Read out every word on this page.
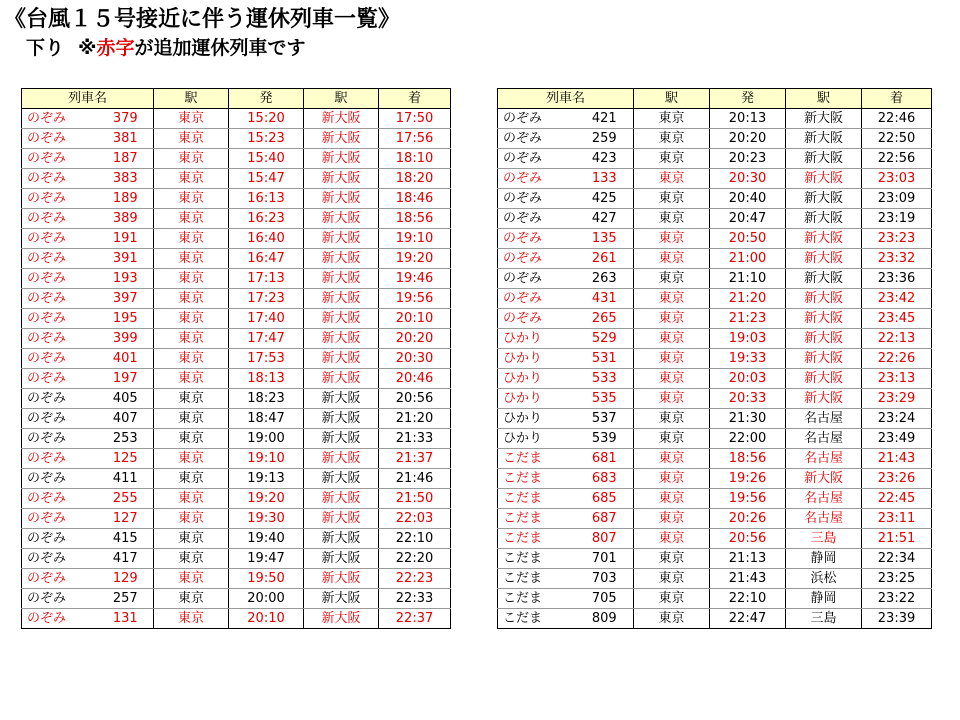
《台風１５号接近に伴う運休列車一覧》
下り ※赤字が追加運休列車です
列車名		駅	発	駅	着
のぞみ	379	東京	15:20	新大阪	17:50
のぞみ	381	東京	15:23	新大阪	17:56
のぞみ	187	東京	15:40	新大阪	18:10
のぞみ	383	東京	15:47	新大阪	18:20
のぞみ	189	東京	16:13	新大阪	18:46
のぞみ	389	東京	16:23	新大阪	18:56
のぞみ	191	東京	16:40	新大阪	19:10
のぞみ	391	東京	16:47	新大阪	19:20
のぞみ	193	東京	17:13	新大阪	19:46
のぞみ	397	東京	17:23	新大阪	19:56
のぞみ	195	東京	17:40	新大阪	20:10
のぞみ	399	東京	17:47	新大阪	20:20
のぞみ	401	東京	17:53	新大阪	20:30
のぞみ	197	東京	18:13	新大阪	20:46
のぞみ	405	東京	18:23	新大阪	20:56
のぞみ	407	東京	18:47	新大阪	21:20
のぞみ	253	東京	19:00	新大阪	21:33
のぞみ	125	東京	19:10	新大阪	21:37
のぞみ	411	東京	19:13	新大阪	21:46
のぞみ	255	東京	19:20	新大阪	21:50
のぞみ	127	東京	19:30	新大阪	22:03
のぞみ	415	東京	19:40	新大阪	22:10
のぞみ	417	東京	19:47	新大阪	22:20
のぞみ	129	東京	19:50	新大阪	22:23
のぞみ	257	東京	20:00	新大阪	22:33
のぞみ	131	東京	20:10	新大阪	22:37
列車名		駅	発	駅	着
のぞみ	421	東京	20:13	新大阪	22:46
のぞみ	259	東京	20:20	新大阪	22:50
のぞみ	423	東京	20:23	新大阪	22:56
のぞみ	133	東京	20:30	新大阪	23:03
のぞみ	425	東京	20:40	新大阪	23:09
のぞみ	427	東京	20:47	新大阪	23:19
のぞみ	135	東京	20:50	新大阪	23:23
のぞみ	261	東京	21:00	新大阪	23:32
のぞみ	263	東京	21:10	新大阪	23:36
のぞみ	431	東京	21:20	新大阪	23:42
のぞみ	265	東京	21:23	新大阪	23:45
ひかり	529	東京	19:03	新大阪	22:13
ひかり	531	東京	19:33	新大阪	22:26
ひかり	533	東京	20:03	新大阪	23:13
ひかり	535	東京	20:33	新大阪	23:29
ひかり	537	東京	21:30	名古屋	23:24
ひかり	539	東京	22:00	名古屋	23:49
こだま	681	東京	18:56	名古屋	21:43
こだま	683	東京	19:26	新大阪	23:26
こだま	685	東京	19:56	名古屋	22:45
こだま	687	東京	20:26	名古屋	23:11
こだま	807	東京	20:56	三島	21:51
こだま	701	東京	21:13	静岡	22:34
こだま	703	東京	21:43	浜松	23:25
こだま	705	東京	22:10	静岡	23:22
こだま	809	東京	22:47	三島	23:39
